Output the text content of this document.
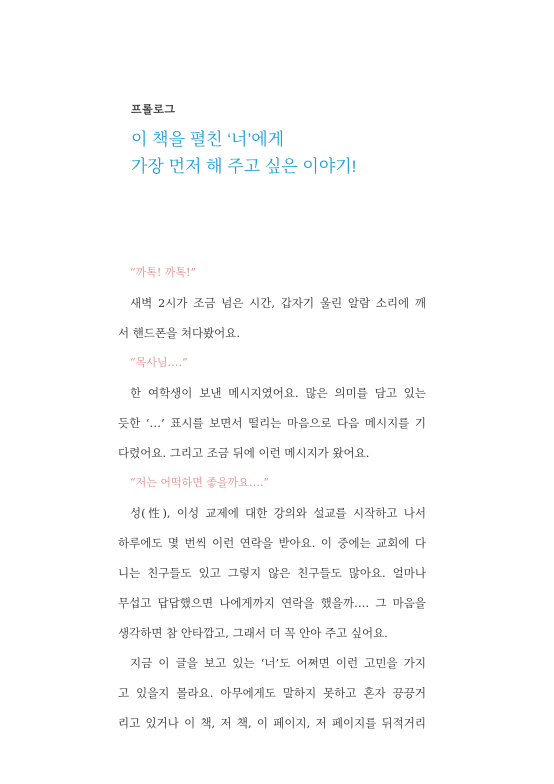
프롤로그
이 책을 펼친 ‘너’에게
가장 먼저 해 주고 싶은 이야기!

“까톡! 까톡!”

새벽 2시가 조금 넘은 시간, 갑자기 울린 알람 소리에 깨
서 핸드폰을 쳐다봤어요.

“목사님….”

한 여학생이 보낸 메시지였어요. 많은 의미를 담고 있는
듯한 ‘…’ 표시를 보면서 떨리는 마음으로 다음 메시지를 기
다렸어요. 그리고 조금 뒤에 이런 메시지가 왔어요.

“저는 어떡하면 좋을까요….”

성(性), 이성 교제에 대한 강의와 설교를 시작하고 나서
하루에도 몇 번씩 이런 연락을 받아요. 이 중에는 교회에 다
니는 친구들도 있고 그렇지 않은 친구들도 많아요. 얼마나
무섭고 답답했으면 나에게까지 연락을 했을까…. 그 마음을
생각하면 참 안타깝고, 그래서 더 꼭 안아 주고 싶어요.

지금 이 글을 보고 있는 ‘너’도 어쩌면 이런 고민을 가지
고 있을지 몰라요. 아무에게도 말하지 못하고 혼자 끙끙거
리고 있거나 이 책, 저 책, 이 페이지, 저 페이지를 뒤적거리
